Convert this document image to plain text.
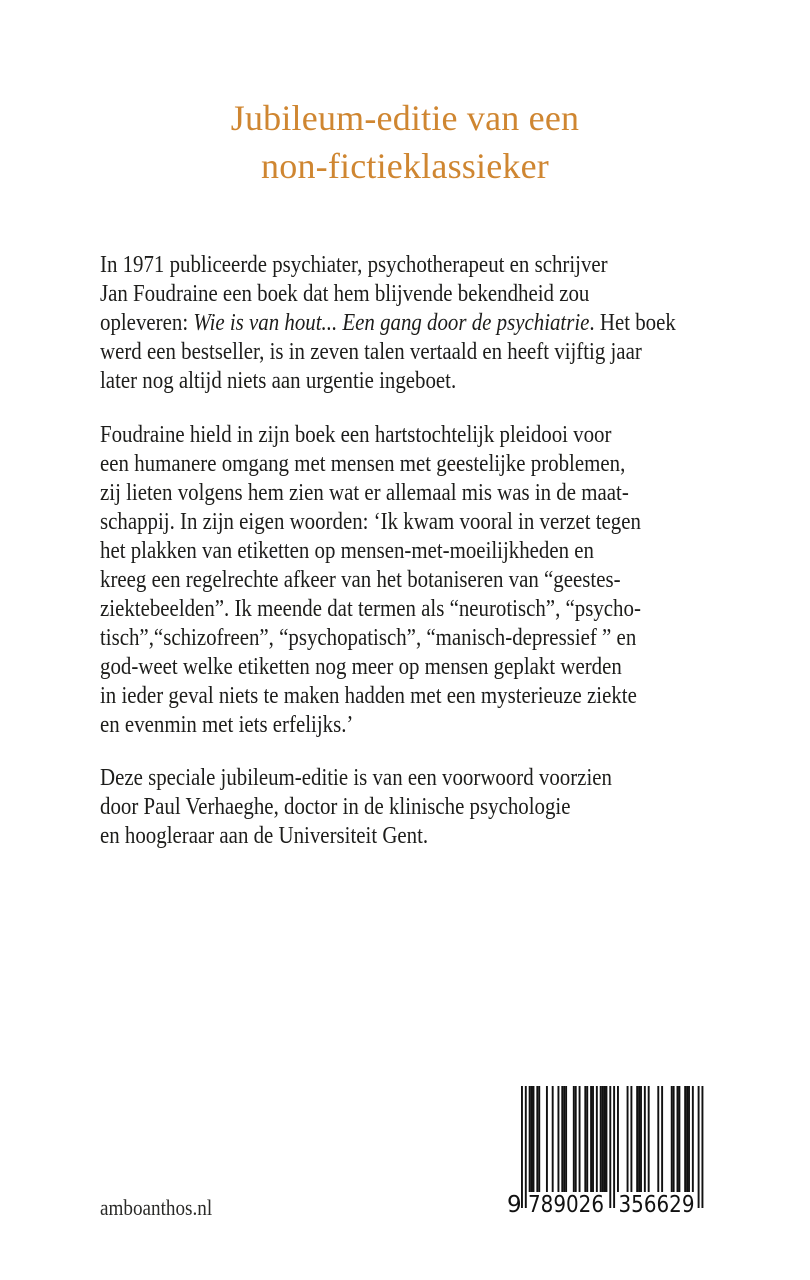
Jubileum-editie van een
non-fictieklassieker
In 1971 publiceerde psychiater, psychotherapeut en schrijver
Jan Foudraine een boek dat hem blijvende bekendheid zou
opleveren: Wie is van hout... Een gang door de psychiatrie. Het boek
werd een bestseller, is in zeven talen vertaald en heeft vijftig jaar
later nog altijd niets aan urgentie ingeboet.
Foudraine hield in zijn boek een hartstochtelijk pleidooi voor
een humanere omgang met mensen met geestelijke problemen,
zij lieten volgens hem zien wat er allemaal mis was in de maat-
schappij. In zijn eigen woorden: ‘Ik kwam vooral in verzet tegen
het plakken van etiketten op mensen-met-moeilijkheden en
kreeg een regelrechte afkeer van het botaniseren van “geestes-
ziektebeelden”. Ik meende dat termen als “neurotisch”, “psycho-
tisch”,“schizofreen”, “psychopatisch”, “manisch-depressief ” en
god-weet welke etiketten nog meer op mensen geplakt werden
in ieder geval niets te maken hadden met een mysterieuze ziekte
en evenmin met iets erfelijks.’
Deze speciale jubileum-editie is van een voorwoord voorzien
door Paul Verhaeghe, doctor in de klinische psychologie
en hoogleraar aan de Universiteit Gent.
amboanthos.nl	9 789026 356629
